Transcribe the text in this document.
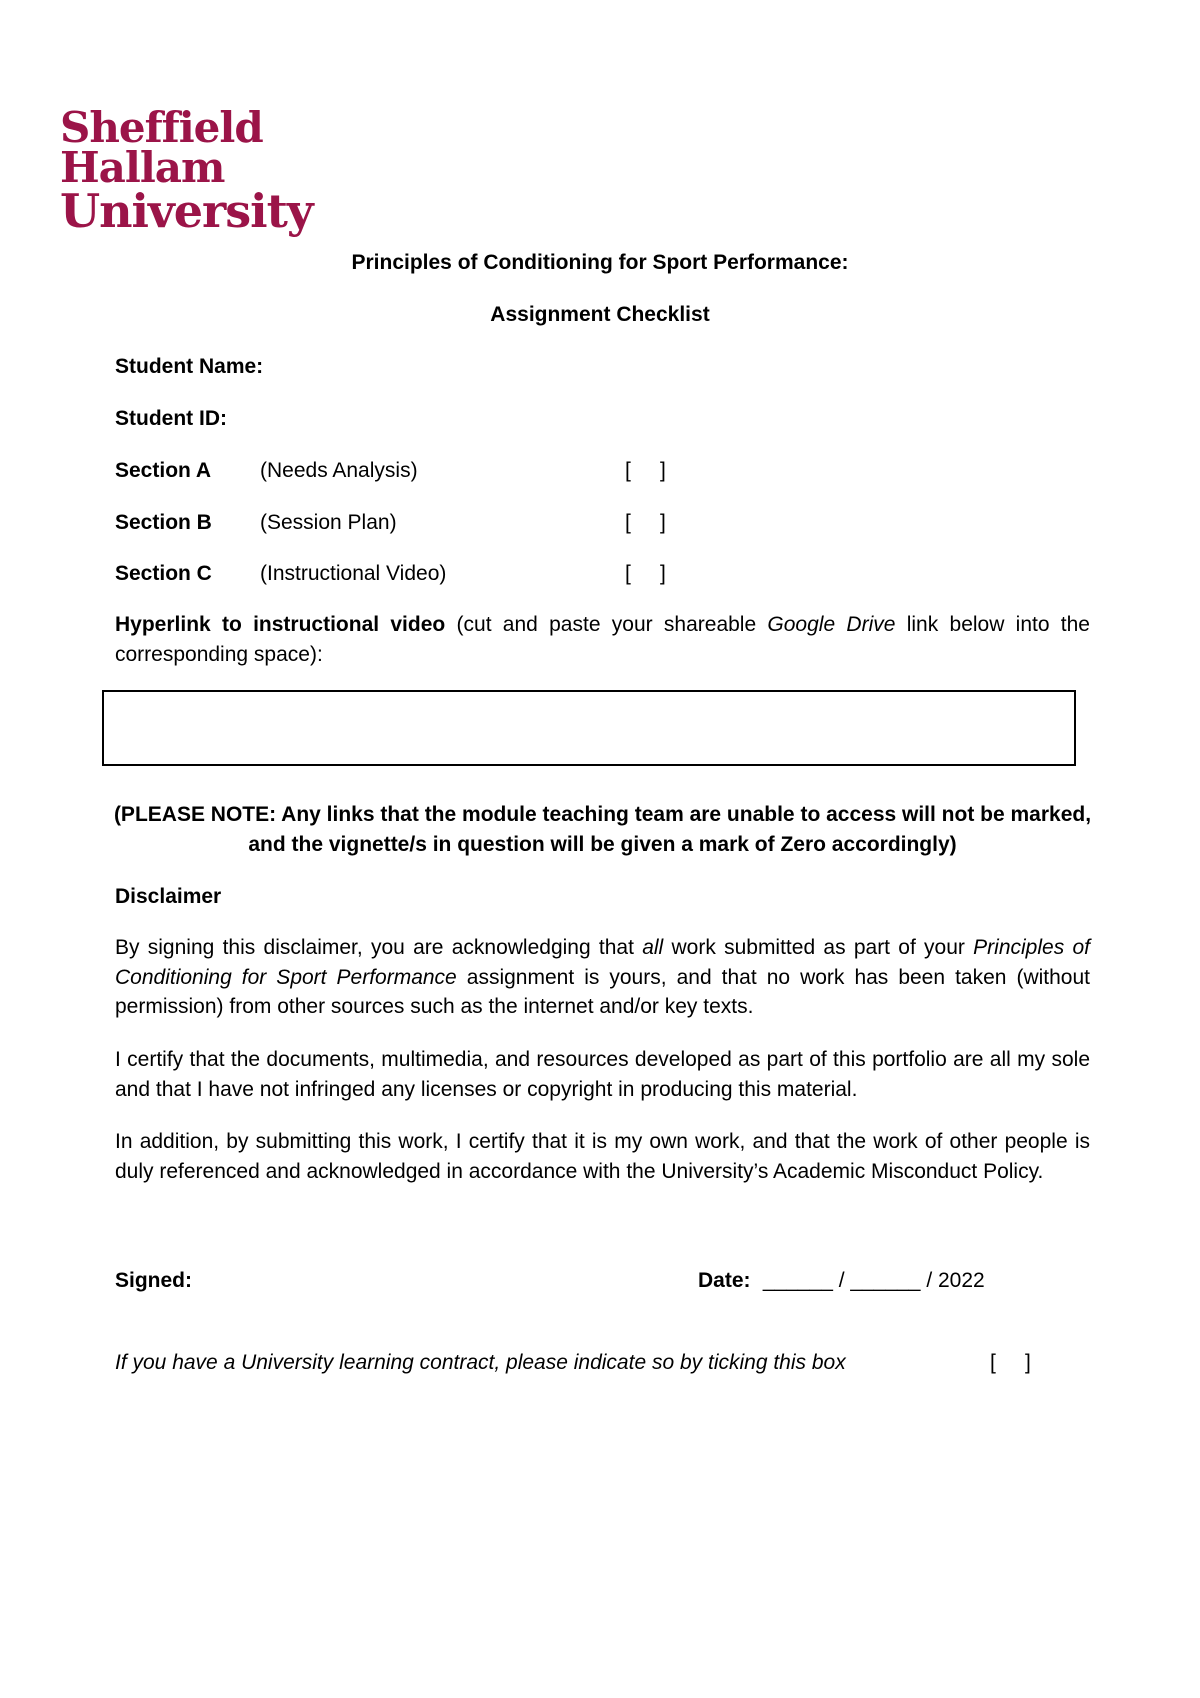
Sheffield
Hallam
University
Principles of Conditioning for Sport Performance:
Assignment Checklist
Student Name:
Student ID:
Section A (Needs Analysis)	[     ]
Section B (Session Plan)	[     ]
Section C (Instructional Video)	[     ]
Hyperlink to instructional video (cut and paste your shareable Google Drive link below into the corresponding space):
(PLEASE NOTE: Any links that the module teaching team are unable to access will not be marked, and the vignette/s in question will be given a mark of Zero accordingly)
Disclaimer
By signing this disclaimer, you are acknowledging that all work submitted as part of your Principles of Conditioning for Sport Performance assignment is yours, and that no work has been taken (without permission) from other sources such as the internet and/or key texts.
I certify that the documents, multimedia, and resources developed as part of this portfolio are all my sole and that I have not infringed any licenses or copyright in producing this material.
In addition, by submitting this work, I certify that it is my own work, and that the work of other people is duly referenced and acknowledged in accordance with the University’s Academic Misconduct Policy.
Signed:	Date: ______ / ______ / 2022
If you have a University learning contract, please indicate so by ticking this box	[     ]
